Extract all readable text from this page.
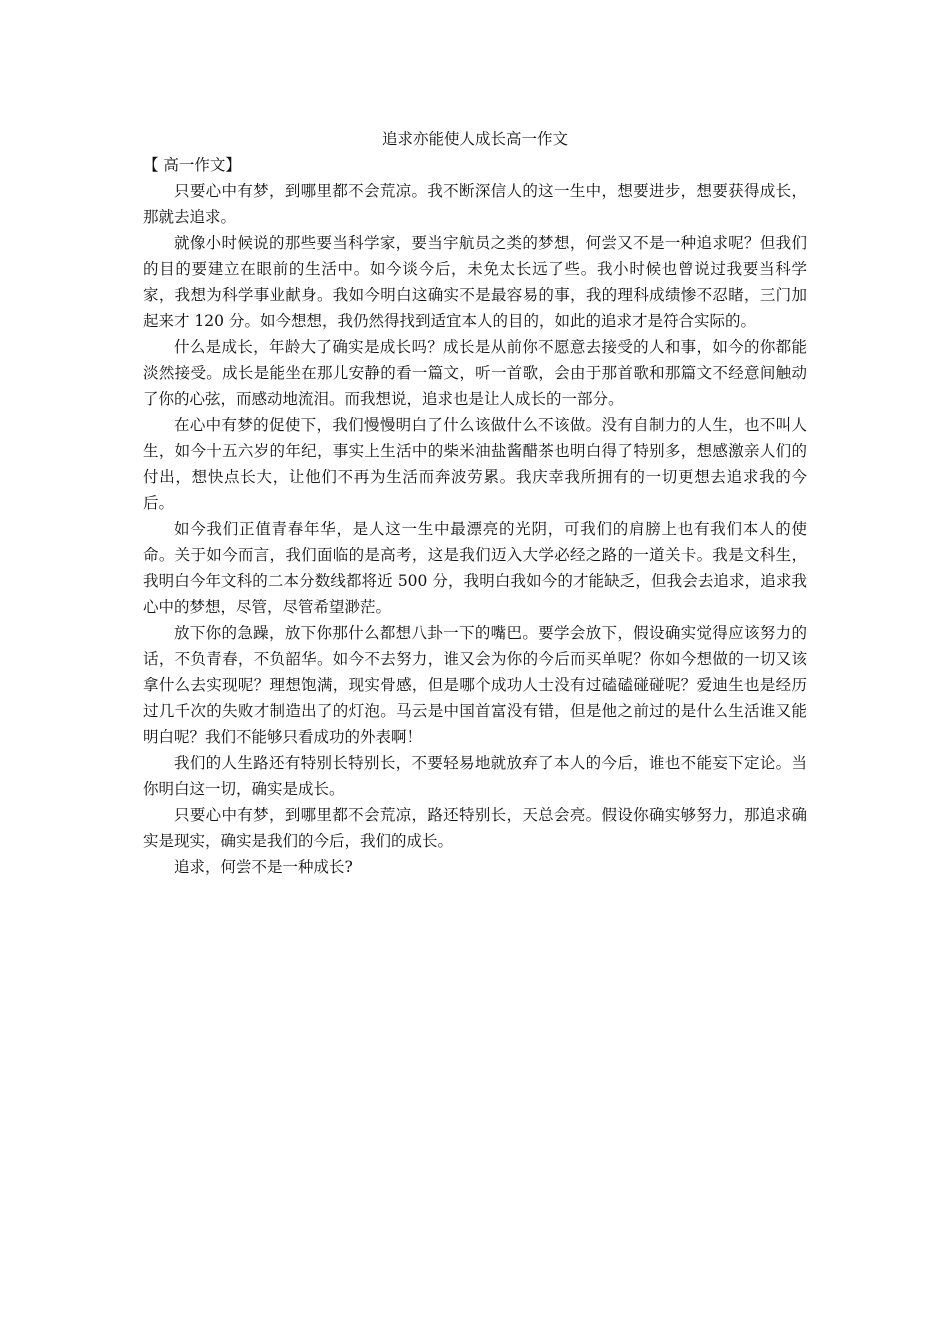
追求亦能使人成长高一作文

【 高一作文】

只要心中有梦，到哪里都不会荒凉。我不断深信人的这一生中，想要进步，想要获得成长，那就去追求。

就像小时候说的那些要当科学家，要当宇航员之类的梦想，何尝又不是一种追求呢？但我们的目的要建立在眼前的生活中。如今谈今后，未免太长远了些。我小时候也曾说过我要当科学家，我想为科学事业献身。我如今明白这确实不是最容易的事，我的理科成绩惨不忍睹，三门加起来才 120 分。如今想想，我仍然得找到适宜本人的目的，如此的追求才是符合实际的。

什么是成长，年龄大了确实是成长吗？成长是从前你不愿意去接受的人和事，如今的你都能淡然接受。成长是能坐在那儿安静的看一篇文，听一首歌，会由于那首歌和那篇文不经意间触动了你的心弦，而感动地流泪。而我想说，追求也是让人成长的一部分。

在心中有梦的促使下，我们慢慢明白了什么该做什么不该做。没有自制力的人生，也不叫人生，如今十五六岁的年纪，事实上生活中的柴米油盐酱醋茶也明白得了特别多，想感激亲人们的付出，想快点长大，让他们不再为生活而奔波劳累。我庆幸我所拥有的一切更想去追求我的今后。

如今我们正值青春年华，是人这一生中最漂亮的光阴，可我们的肩膀上也有我们本人的使命。关于如今而言，我们面临的是高考，这是我们迈入大学必经之路的一道关卡。我是文科生，我明白今年文科的二本分数线都将近 500 分，我明白我如今的才能缺乏，但我会去追求，追求我心中的梦想，尽管，尽管希望渺茫。

放下你的急躁，放下你那什么都想八卦一下的嘴巴。要学会放下，假设确实觉得应该努力的话，不负青春，不负韶华。如今不去努力，谁又会为你的今后而买单呢？你如今想做的一切又该拿什么去实现呢？理想饱满，现实骨感，但是哪个成功人士没有过磕磕碰碰呢？爱迪生也是经历过几千次的失败才制造出了的灯泡。马云是中国首富没有错，但是他之前过的是什么生活谁又能明白呢？我们不能够只看成功的外表啊！

我们的人生路还有特别长特别长，不要轻易地就放弃了本人的今后，谁也不能妄下定论。当你明白这一切，确实是成长。

只要心中有梦，到哪里都不会荒凉，路还特别长，天总会亮。假设你确实够努力，那追求确实是现实，确实是我们的今后，我们的成长。

追求，何尝不是一种成长?
